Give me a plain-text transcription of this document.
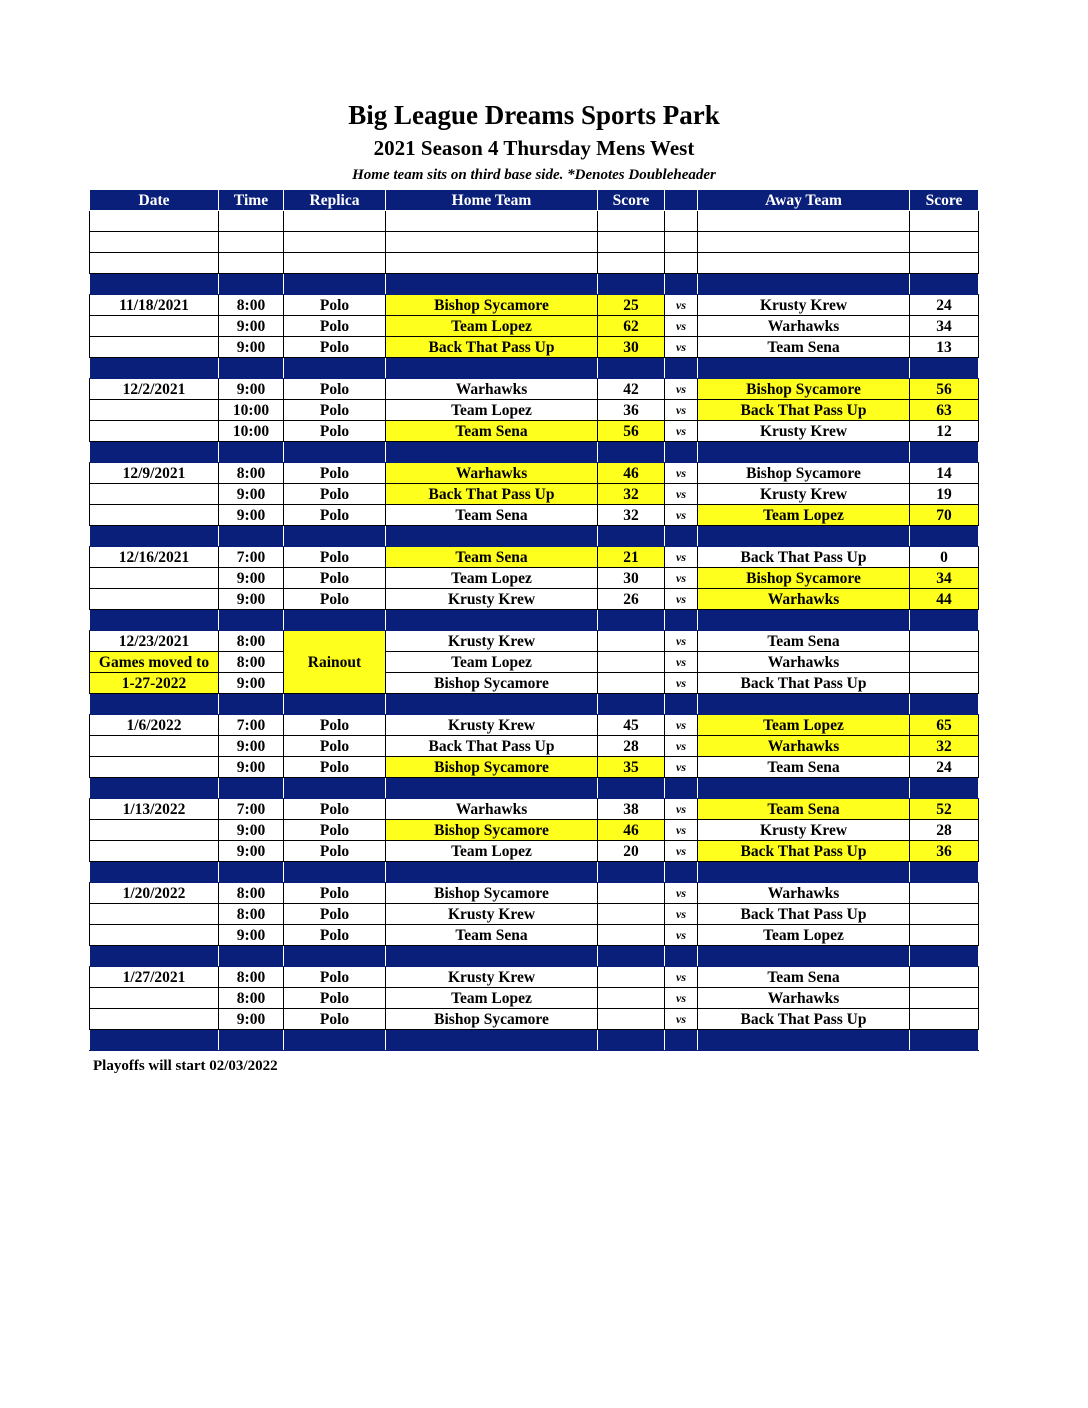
Big League Dreams Sports Park
2021 Season 4 Thursday Mens West
Home team sits on third base side. *Denotes Doubleheader
Date	Time	Replica	Home Team	Score		Away Team	Score

11/18/2021	8:00	Polo	Bishop Sycamore	25	vs	Krusty Krew	24
	9:00	Polo	Team Lopez	62	vs	Warhawks	34
	9:00	Polo	Back That Pass Up	30	vs	Team Sena	13

12/2/2021	9:00	Polo	Warhawks	42	vs	Bishop Sycamore	56
	10:00	Polo	Team Lopez	36	vs	Back That Pass Up	63
	10:00	Polo	Team Sena	56	vs	Krusty Krew	12

12/9/2021	8:00	Polo	Warhawks	46	vs	Bishop Sycamore	14
	9:00	Polo	Back That Pass Up	32	vs	Krusty Krew	19
	9:00	Polo	Team Sena	32	vs	Team Lopez	70

12/16/2021	7:00	Polo	Team Sena	21	vs	Back That Pass Up	0
	9:00	Polo	Team Lopez	30	vs	Bishop Sycamore	34
	9:00	Polo	Krusty Krew	26	vs	Warhawks	44

12/23/2021	8:00	Rainout	Krusty Krew		vs	Team Sena	
Games moved to	8:00		Team Lopez		vs	Warhawks	
1-27-2022	9:00		Bishop Sycamore		vs	Back That Pass Up	

1/6/2022	7:00	Polo	Krusty Krew	45	vs	Team Lopez	65
	9:00	Polo	Back That Pass Up	28	vs	Warhawks	32
	9:00	Polo	Bishop Sycamore	35	vs	Team Sena	24

1/13/2022	7:00	Polo	Warhawks	38	vs	Team Sena	52
	9:00	Polo	Bishop Sycamore	46	vs	Krusty Krew	28
	9:00	Polo	Team Lopez	20	vs	Back That Pass Up	36

1/20/2022	8:00	Polo	Bishop Sycamore		vs	Warhawks	
	8:00	Polo	Krusty Krew		vs	Back That Pass Up	
	9:00	Polo	Team Sena		vs	Team Lopez	

1/27/2021	8:00	Polo	Krusty Krew		vs	Team Sena	
	8:00	Polo	Team Lopez		vs	Warhawks	
	9:00	Polo	Bishop Sycamore		vs	Back That Pass Up	

Playoffs will start 02/03/2022
